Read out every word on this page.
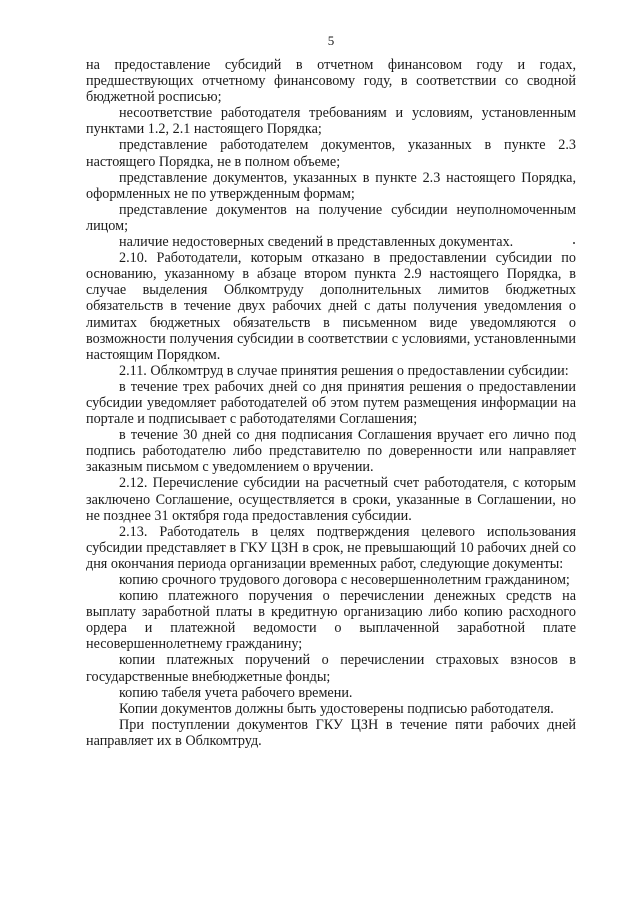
5

на предоставление субсидий в отчетном финансовом году и годах, предшествующих отчетному финансовому году, в соответствии со сводной бюджетной росписью;

несоответствие работодателя требованиям и условиям, установленным пунктами 1.2, 2.1 настоящего Порядка;

представление работодателем документов, указанных в пункте 2.3 настоящего Порядка, не в полном объеме;

представление документов, указанных в пункте 2.3 настоящего Порядка, оформленных не по утвержденным формам;

представление документов на получение субсидии неуполномоченным лицом;

наличие недостоверных сведений в представленных документах.

2.10. Работодатели, которым отказано в предоставлении субсидии по основанию, указанному в абзаце втором пункта 2.9 настоящего Порядка, в случае выделения Облкомтруду дополнительных лимитов бюджетных обязательств в течение двух рабочих дней с даты получения уведомления о лимитах бюджетных обязательств в письменном виде уведомляются о возможности получения субсидии в соответствии с условиями, установленными настоящим Порядком.

2.11. Облкомтруд в случае принятия решения о предоставлении субсидии:

в течение трех рабочих дней со дня принятия решения о предоставлении субсидии уведомляет работодателей об этом путем размещения информации на портале и подписывает с работодателями Соглашения;

в течение 30 дней со дня подписания Соглашения вручает его лично под подпись работодателю либо представителю по доверенности или направляет заказным письмом с уведомлением о вручении.

2.12. Перечисление субсидии на расчетный счет работодателя, с которым заключено Соглашение, осуществляется в сроки, указанные в Соглашении, но не позднее 31 октября года предоставления субсидии.

2.13. Работодатель в целях подтверждения целевого использования субсидии представляет в ГКУ ЦЗН в срок, не превышающий 10 рабочих дней со дня окончания периода организации временных работ, следующие документы:

копию срочного трудового договора с несовершеннолетним гражданином;

копию платежного поручения о перечислении денежных средств на выплату заработной платы в кредитную организацию либо копию расходного ордера и платежной ведомости о выплаченной заработной плате несовершеннолетнему гражданину;

копии платежных поручений о перечислении страховых взносов в государственные внебюджетные фонды;

копию табеля учета рабочего времени.

Копии документов должны быть удостоверены подписью работодателя.

При поступлении документов ГКУ ЦЗН в течение пяти рабочих дней направляет их в Облкомтруд.
